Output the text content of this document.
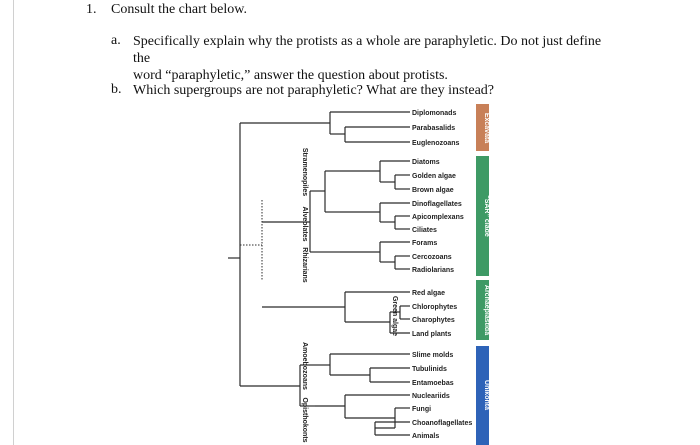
1. Consult the chart below.
a. Specifically explain why the protists as a whole are paraphyletic. Do not just define the
word “paraphyletic,” answer the question about protists.
b. Which supergroups are not paraphyletic? What are they instead?
Excavata
“SAR” clade
Archaeplastida
Unikonta
Diplomonads
Parabasalids
Euglenozoans
Diatoms
Golden algae
Brown algae
Dinoflagellates
Apicomplexans
Ciliates
Forams
Cercozoans
Radiolarians
Red algae
Chlorophytes
Charophytes
Land plants
Slime molds
Tubulinids
Entamoebas
Nucleariids
Fungi
Choanoflagellates
Animals
Stramenopiles
Alveolates
Rhizarians
Green algae
Amoebozoans
Opisthokonts
